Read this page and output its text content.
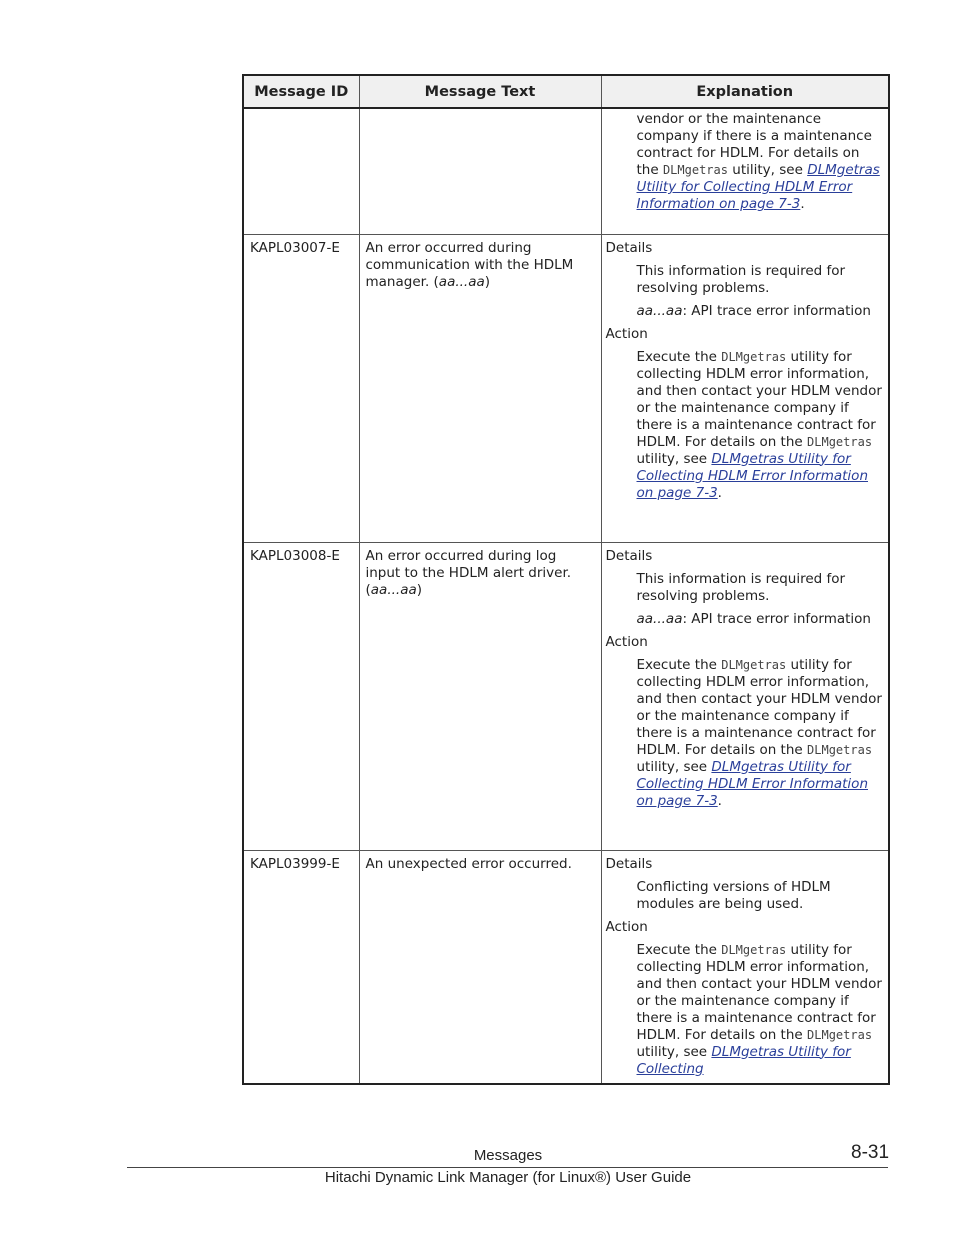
Message ID	Message Text	Explanation

		vendor or the maintenance company if there is a maintenance contract for HDLM. For details on the DLMgetras utility, see DLMgetras Utility for Collecting HDLM Error Information on page 7-3.

KAPL03007-E	An error occurred during communication with the HDLM manager. (aa...aa)	Details

This information is required for resolving problems.

aa...aa: API trace error information

Action

Execute the DLMgetras utility for collecting HDLM error information, and then contact your HDLM vendor or the maintenance company if there is a maintenance contract for HDLM. For details on the DLMgetras utility, see DLMgetras Utility for Collecting HDLM Error Information on page 7-3.

KAPL03008-E	An error occurred during log input to the HDLM alert driver. (aa...aa)	Details

This information is required for resolving problems.

aa...aa: API trace error information

Action

Execute the DLMgetras utility for collecting HDLM error information, and then contact your HDLM vendor or the maintenance company if there is a maintenance contract for HDLM. For details on the DLMgetras utility, see DLMgetras Utility for Collecting HDLM Error Information on page 7-3.

KAPL03999-E	An unexpected error occurred.	Details

Conflicting versions of HDLM modules are being used.

Action

Execute the DLMgetras utility for collecting HDLM error information, and then contact your HDLM vendor or the maintenance company if there is a maintenance contract for HDLM. For details on the DLMgetras utility, see DLMgetras Utility for Collecting

Messages	8-31
Hitachi Dynamic Link Manager (for Linux®) User Guide
